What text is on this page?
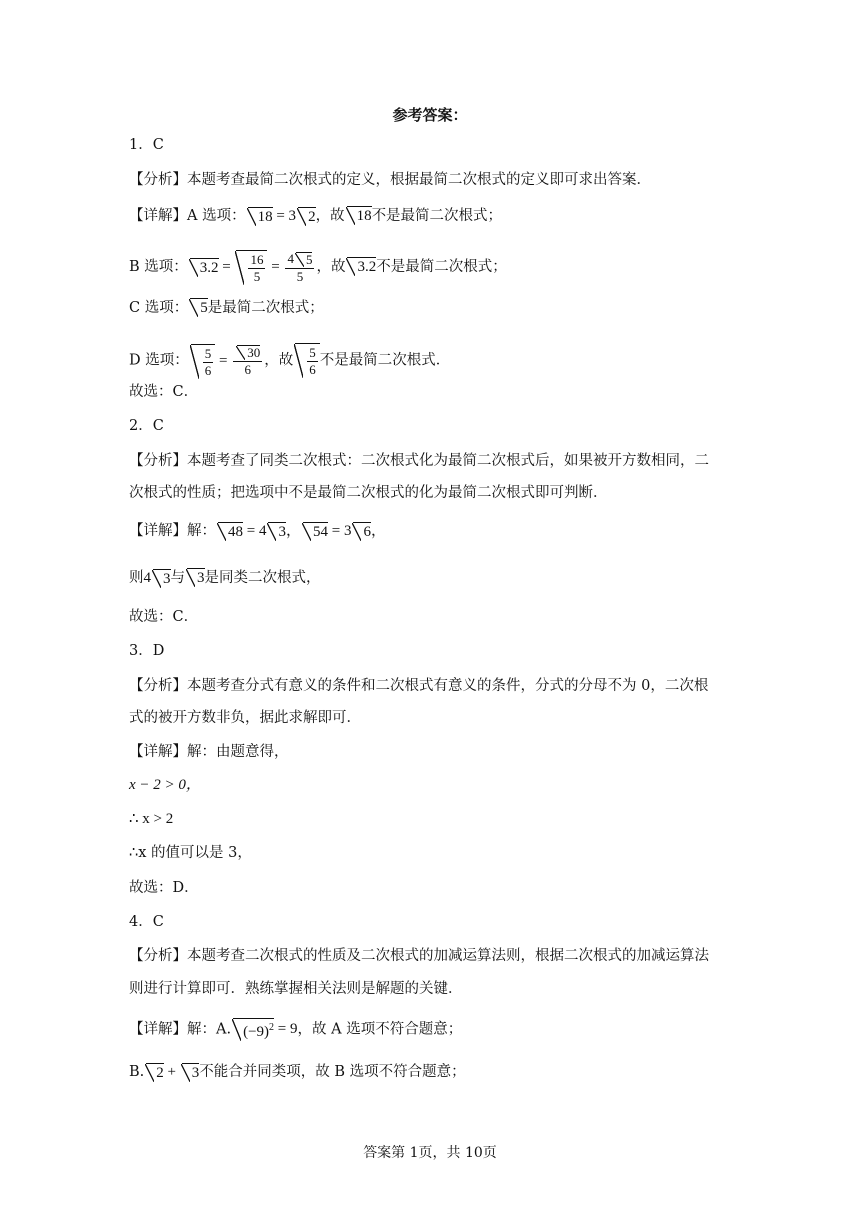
参考答案：
1．C
【分析】本题考查最简二次根式的定义，根据最简二次根式的定义即可求出答案．
【详解】A 选项： 18 = 3 2，故 18不是最简二次根式；
B 选项： $3.2 = \frac{16}{5} = \frac{4 5}{5}$ ，故 3.2不是最简二次根式；
C 选项： 5是最简二次根式；
D 选项： $\frac{5}{6} = \frac{30}{6}$ ，故 $\frac{5}{6}$ 不是最简二次根式．
故选：C．
2．C
【分析】本题考查了同类二次根式：二次根式化为最简二次根式后，如果被开方数相同，二
次根式的性质；把选项中不是最简二次根式的化为最简二次根式即可判断．
【详解】解： 48 = 4 3， 54 = 3 6，
则4 3与 3是同类二次根式，
故选：C．
3．D
【分析】本题考查分式有意义的条件和二次根式有意义的条件，分式的分母不为 0，二次根
式的被开方数非负，据此求解即可．
【详解】解：由题意得，
x − 2 > 0，
∴ x > 2
∴x 的值可以是 3，
故选：D．
4．C
【分析】本题考查二次根式的性质及二次根式的加减运算法则，根据二次根式的加减运算法
则进行计算即可．熟练掌握相关法则是解题的关键．
【详解】解：A. $(-9)^2 = 9$，故 A 选项不符合题意；
B. 2 + 3不能合并同类项，故 B 选项不符合题意；
答案第 1页，共 10页
